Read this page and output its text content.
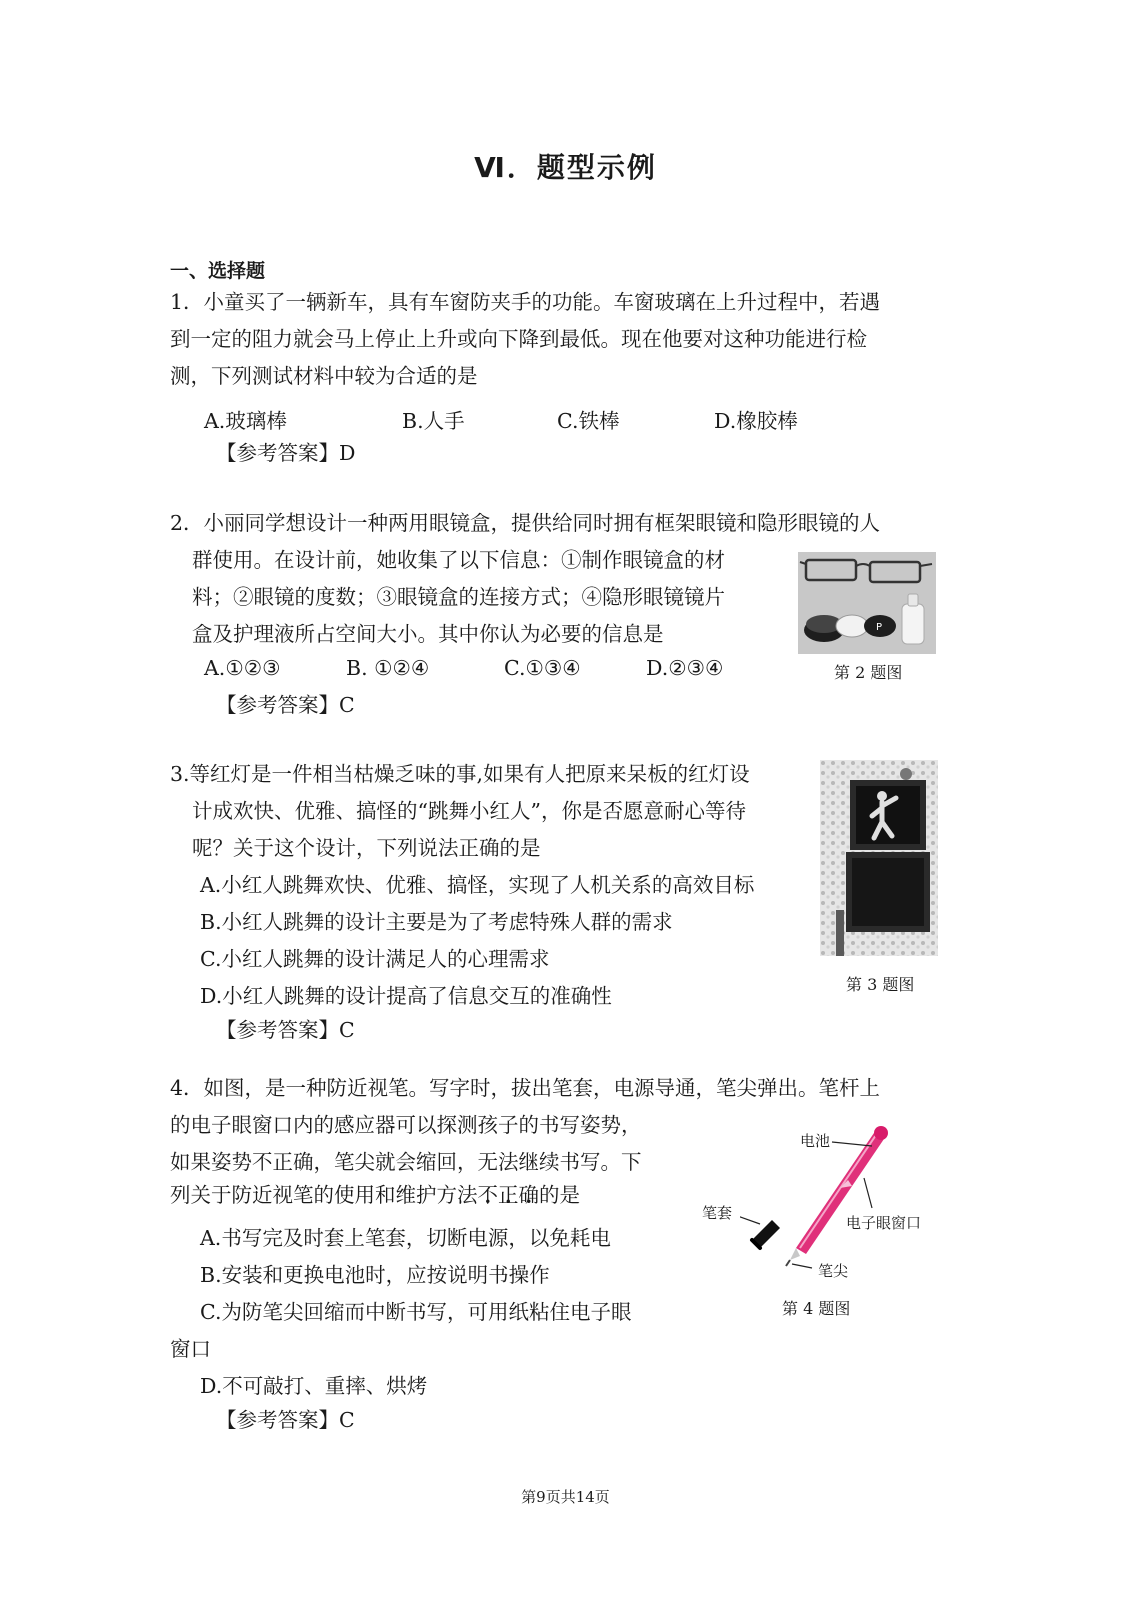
Ⅵ．题型示例
一、选择题
1．小童买了一辆新车，具有车窗防夹手的功能。车窗玻璃在上升过程中，若遇
到一定的阻力就会马上停止上升或向下降到最低。现在他要对这种功能进行检
测，下列测试材料中较为合适的是
A.玻璃棒	B.人手	C.铁棒	D.橡胶棒
【参考答案】D
2．小丽同学想设计一种两用眼镜盒，提供给同时拥有框架眼镜和隐形眼镜的人
群使用。在设计前，她收集了以下信息：①制作眼镜盒的材
料；②眼镜的度数；③眼镜盒的连接方式；④隐形眼镜镜片
盒及护理液所占空间大小。其中你认为必要的信息是
A.①②③	B. ①②④	C.①③④	D.②③④
【参考答案】C
P
第 2 题图
3.等红灯是一件相当枯燥乏味的事,如果有人把原来呆板的红灯设
计成欢快、优雅、搞怪的“跳舞小红人”，你是否愿意耐心等待
呢？关于这个设计，下列说法正确的是
A.小红人跳舞欢快、优雅、搞怪，实现了人机关系的高效目标
B.小红人跳舞的设计主要是为了考虑特殊人群的需求
C.小红人跳舞的设计满足人的心理需求
D.小红人跳舞的设计提高了信息交互的准确性
【参考答案】C
第 3 题图
4．如图，是一种防近视笔。写字时，拔出笔套，电源导通，笔尖弹出。笔杆上
的电子眼窗口内的感应器可以探测孩子的书写姿势，
如果姿势不正确，笔尖就会缩回，无法继续书写。下
列关于防近视笔的使用和维护方法不正确的是
A.书写完及时套上笔套，切断电源，以免耗电
B.安装和更换电池时，应按说明书操作
C.为防笔尖回缩而中断书写，可用纸粘住电子眼
窗口
D.不可敲打、重摔、烘烤
【参考答案】C
电池
笔套
电子眼窗口
笔尖
第 4 题图
第9页共14页
